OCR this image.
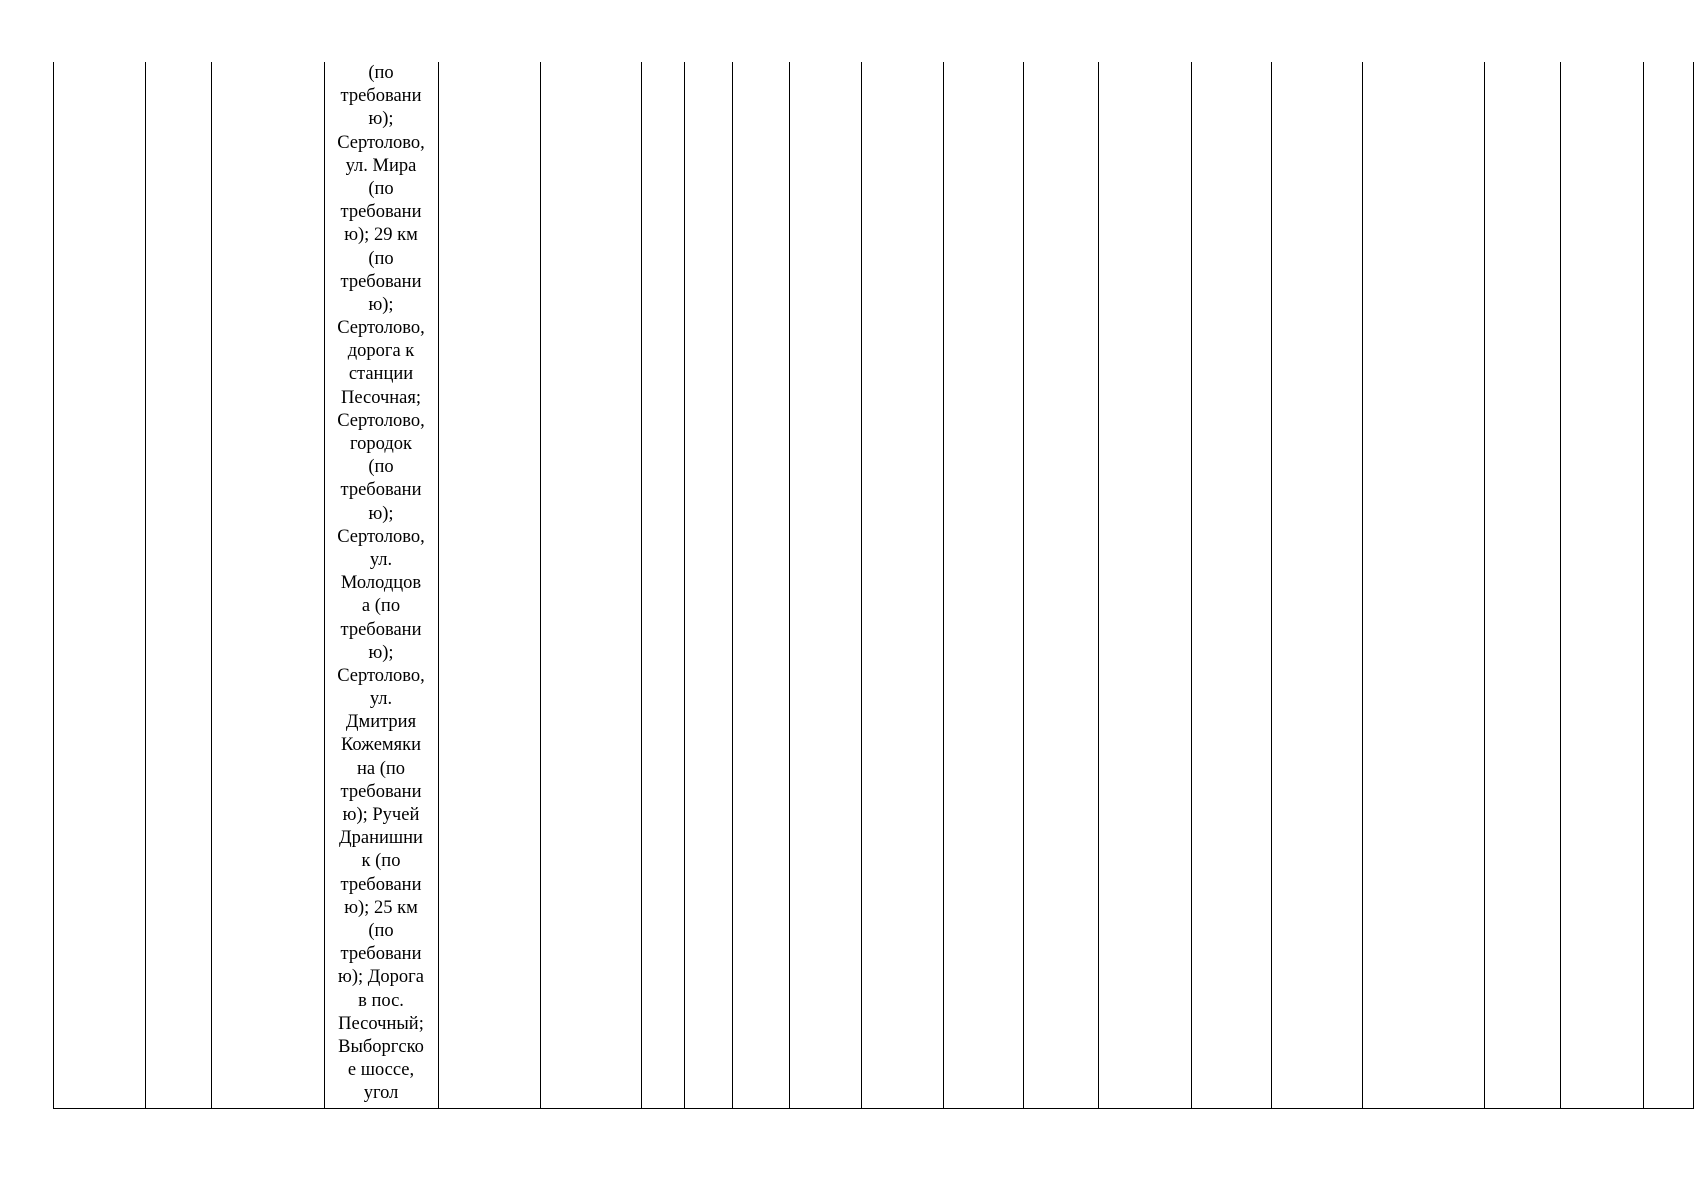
(по
требовани
ю);
Сертолово,
ул. Мира
(по
требовани
ю); 29 км
(по
требовани
ю);
Сертолово,
дорога к
станции
Песочная;
Сертолово,
городок
(по
требовани
ю);
Сертолово,
ул.
Молодцов
а (по
требовани
ю);
Сертолово,
ул.
Дмитрия
Кожемяки
на (по
требовани
ю); Ручей
Дранишни
к (по
требовани
ю); 25 км
(по
требовани
ю); Дорога
в пос.
Песочный;
Выборгско
е шоссе,
угол
